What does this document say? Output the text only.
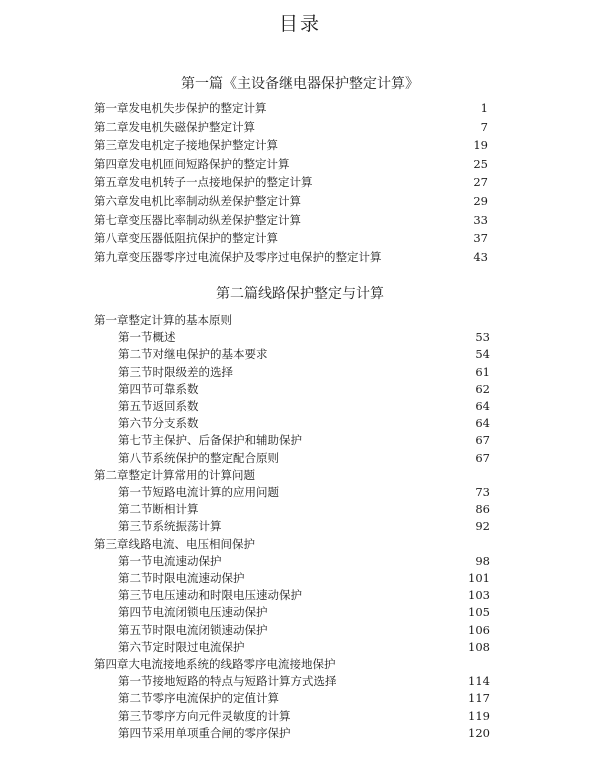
目录
第一篇《主设备继电器保护整定计算》
第一章发电机失步保护的整定计算	1
第二章发电机失磁保护整定计算	7
第三章发电机定子接地保护整定计算	19
第四章发电机匝间短路保护的整定计算	25
第五章发电机转子一点接地保护的整定计算	27
第六章发电机比率制动纵差保护整定计算	29
第七章变压器比率制动纵差保护整定计算	33
第八章变压器低阻抗保护的整定计算	37
第九章变压器零序过电流保护及零序过电保护的整定计算	43
第二篇线路保护整定与计算
第一章整定计算的基本原则
第一节概述	53
第二节对继电保护的基本要求	54
第三节时限级差的选择	61
第四节可靠系数	62
第五节返回系数	64
第六节分支系数	64
第七节主保护、后备保护和辅助保护	67
第八节系统保护的整定配合原则	67
第二章整定计算常用的计算问题
第一节短路电流计算的应用问题	73
第二节断相计算	86
第三节系统振荡计算	92
第三章线路电流、电压相间保护
第一节电流速动保护	98
第二节时限电流速动保护	101
第三节电压速动和时限电压速动保护	103
第四节电流闭锁电压速动保护	105
第五节时限电流闭锁速动保护	106
第六节定时限过电流保护	108
第四章大电流接地系统的线路零序电流接地保护
第一节接地短路的特点与短路计算方式选择	114
第二节零序电流保护的定值计算	117
第三节零序方向元件灵敏度的计算	119
第四节采用单项重合闸的零序保护	120
